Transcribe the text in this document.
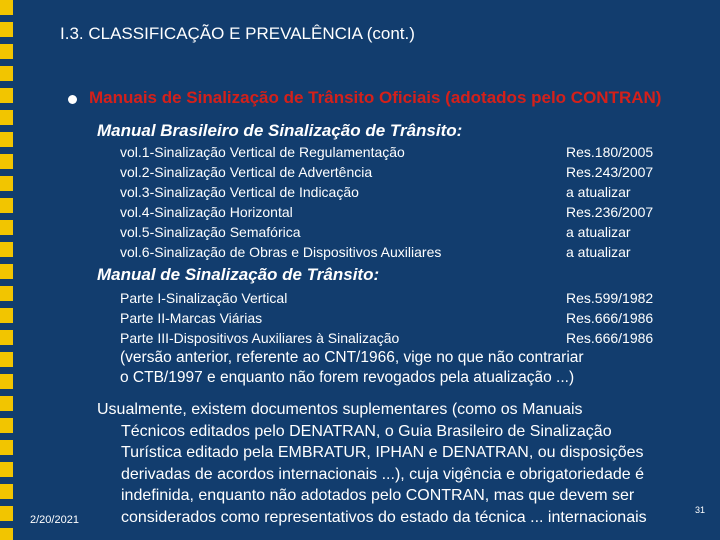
I.3. CLASSIFICAÇÃO E PREVALÊNCIA (cont.)
Manuais de Sinalização de Trânsito Oficiais (adotados pelo CONTRAN)
Manual Brasileiro de Sinalização de Trânsito:
vol.1-Sinalização Vertical de Regulamentação
vol.2-Sinalização Vertical de Advertência
vol.3-Sinalização Vertical de Indicação
vol.4-Sinalização Horizontal
vol.5-Sinalização Semafórica
vol.6-Sinalização de Obras e Dispositivos Auxiliares
Res.180/2005
Res.243/2007
a atualizar
Res.236/2007
a atualizar
a atualizar
Manual de Sinalização de Trânsito:
Parte I-Sinalização Vertical
Parte II-Marcas Viárias
Parte III-Dispositivos Auxiliares à Sinalização
Res.599/1982
Res.666/1986
Res.666/1986
(versão anterior, referente ao CNT/1966, vige no que não contrariar
o CTB/1997 e enquanto não forem revogados pela atualização ...)
Usualmente, existem documentos suplementares (como os Manuais
Técnicos editados pelo DENATRAN, o Guia Brasileiro de Sinalização
Turística editado pela EMBRATUR, IPHAN e DENATRAN, ou disposições
derivadas de acordos internacionais ...), cuja vigência e obrigatoriedade é
indefinida, enquanto não adotados pelo CONTRAN, mas que devem ser
considerados como representativos do estado da técnica ... internacionais
2/20/2021
31
